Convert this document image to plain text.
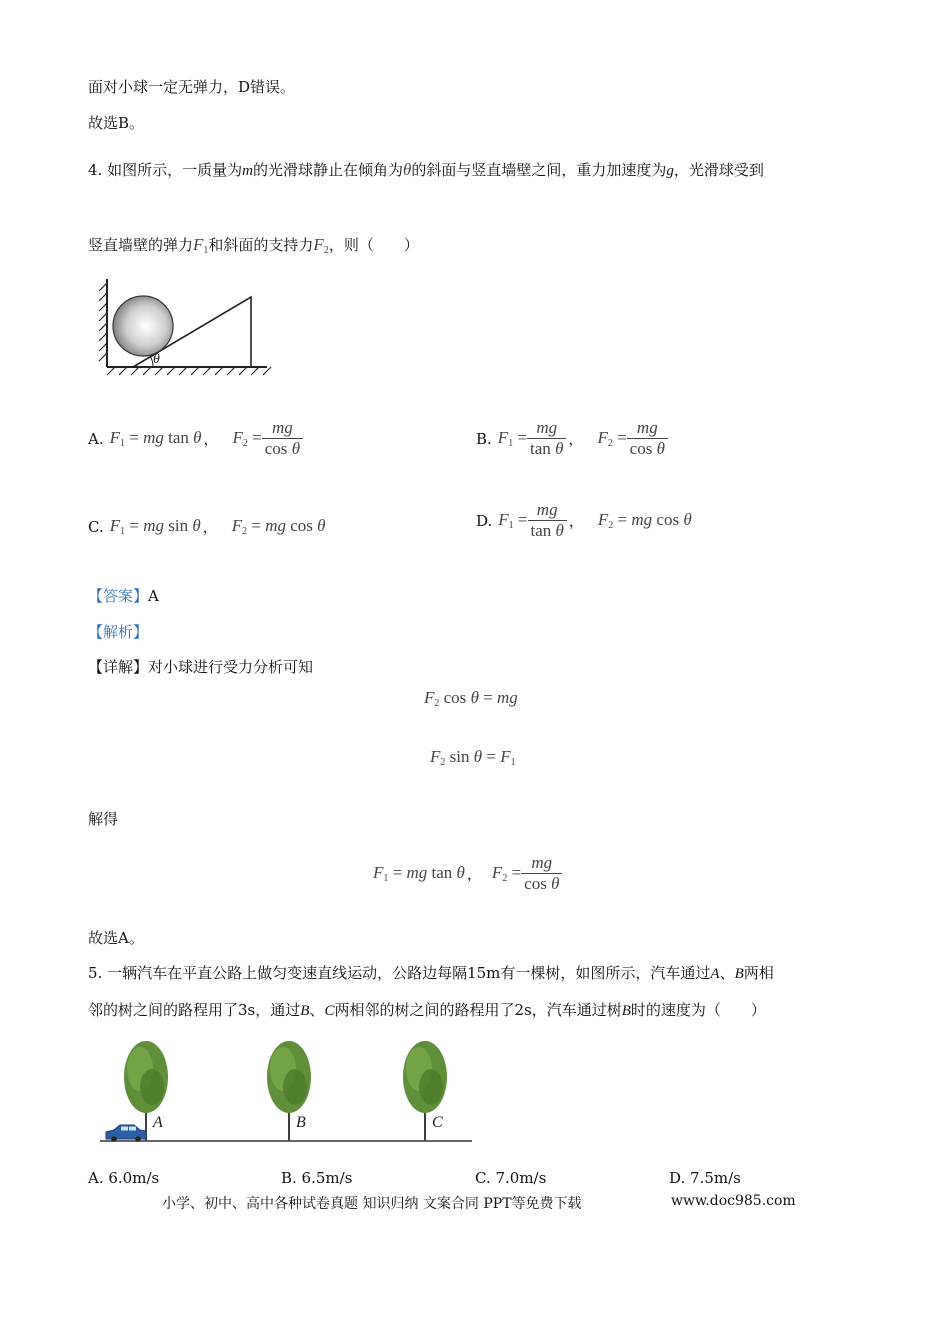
面对小球一定无弹力，D错误。
故选B。
4. 如图所示，一质量为m的光滑球静止在倾角为θ的斜面与竖直墙壁之间，重力加速度为g，光滑球受到
竖直墙壁的弹力$F_1$和斜面的支持力$F_2$，则（　　）
θ
A. $F_1$ = mg tan θ ， $F_2 = \frac{mg}{\text{cos θ}}$	B. $F_1 = \frac{mg}{\text{tan θ}}$ ， $F_2 = \frac{mg}{\text{cos θ}}$
C. $F_1$ = mg sin θ ， $F_2$ = mg cos θ	D. $F_1 = \frac{mg}{\text{tan θ}}$ ， $F_2$ = mg cos θ
【答案】A
【解析】
【详解】对小球进行受力分析可知
$F_2$ cos θ = mg
$F_2$ $\sin \theta = F_1$
解得
$F_1$ = mg tan θ ， $F_2 = \frac{mg}{\text{cos θ}}$
故选A。
5. 一辆汽车在平直公路上做匀变速直线运动，公路边每隔15m有一棵树，如图所示，汽车通过A、B两相
邻的树之间的路程用了3s，通过B、C两相邻的树之间的路程用了2s，汽车通过树B时的速度为（　　）
A	B	C
A. 6.0m/s	B. 6.5m/s	C. 7.0m/s	D. 7.5m/s
小学、初中、高中各种试卷真题 知识归纳 文案合同 PPT等免费下载	www.doc985.com
